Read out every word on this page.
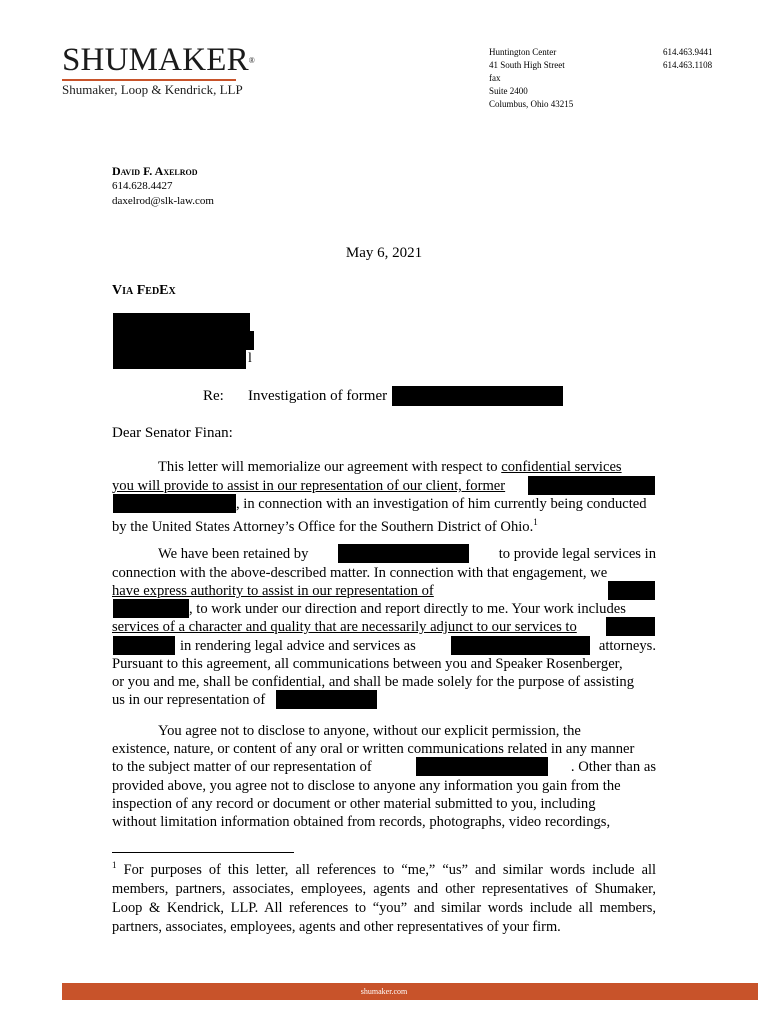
SHUMAKER®
Shumaker, Loop & Kendrick, LLP
Huntington Center
41 South High Street
fax
Suite 2400
Columbus, Ohio 43215
614.463.9441
614.463.1108
David F. Axelrod
614.628.4427
daxelrod@slk-law.com
May 6, 2021
Via FedEx
l
Re: Investigation of former
Dear Senator Finan:
This letter will memorialize our agreement with respect to confidential services
you will provide to assist in our representation of our client, former
, in connection with an investigation of him currently being conducted
by the United States Attorney’s Office for the Southern District of Ohio.$^1$
We have been retained by	to provide legal services in
connection with the above-described matter. In connection with that engagement, we
have express authority to assist in our representation of
, to work under our direction and report directly to me. Your work includes
services of a character and quality that are necessarily adjunct to our services to
in rendering legal advice and services as	attorneys.
Pursuant to this agreement, all communications between you and Speaker Rosenberger,
or you and me, shall be confidential, and shall be made solely for the purpose of assisting
us in our representation of
You agree not to disclose to anyone, without our explicit permission, the
existence, nature, or content of any oral or written communications related in any manner
to the subject matter of our representation of	. Other than as
provided above, you agree not to disclose to anyone any information you gain from the
inspection of any record or document or other material submitted to you, including
without limitation information obtained from records, photographs, video recordings,
$^1$ For purposes of this letter, all references to “me,” “us” and similar words include all members, partners, associates, employees, agents and other representatives of Shumaker, Loop & Kendrick, LLP. All references to “you” and similar words include all members, partners, associates, employees, agents and other representatives of your firm.
shumaker.com
